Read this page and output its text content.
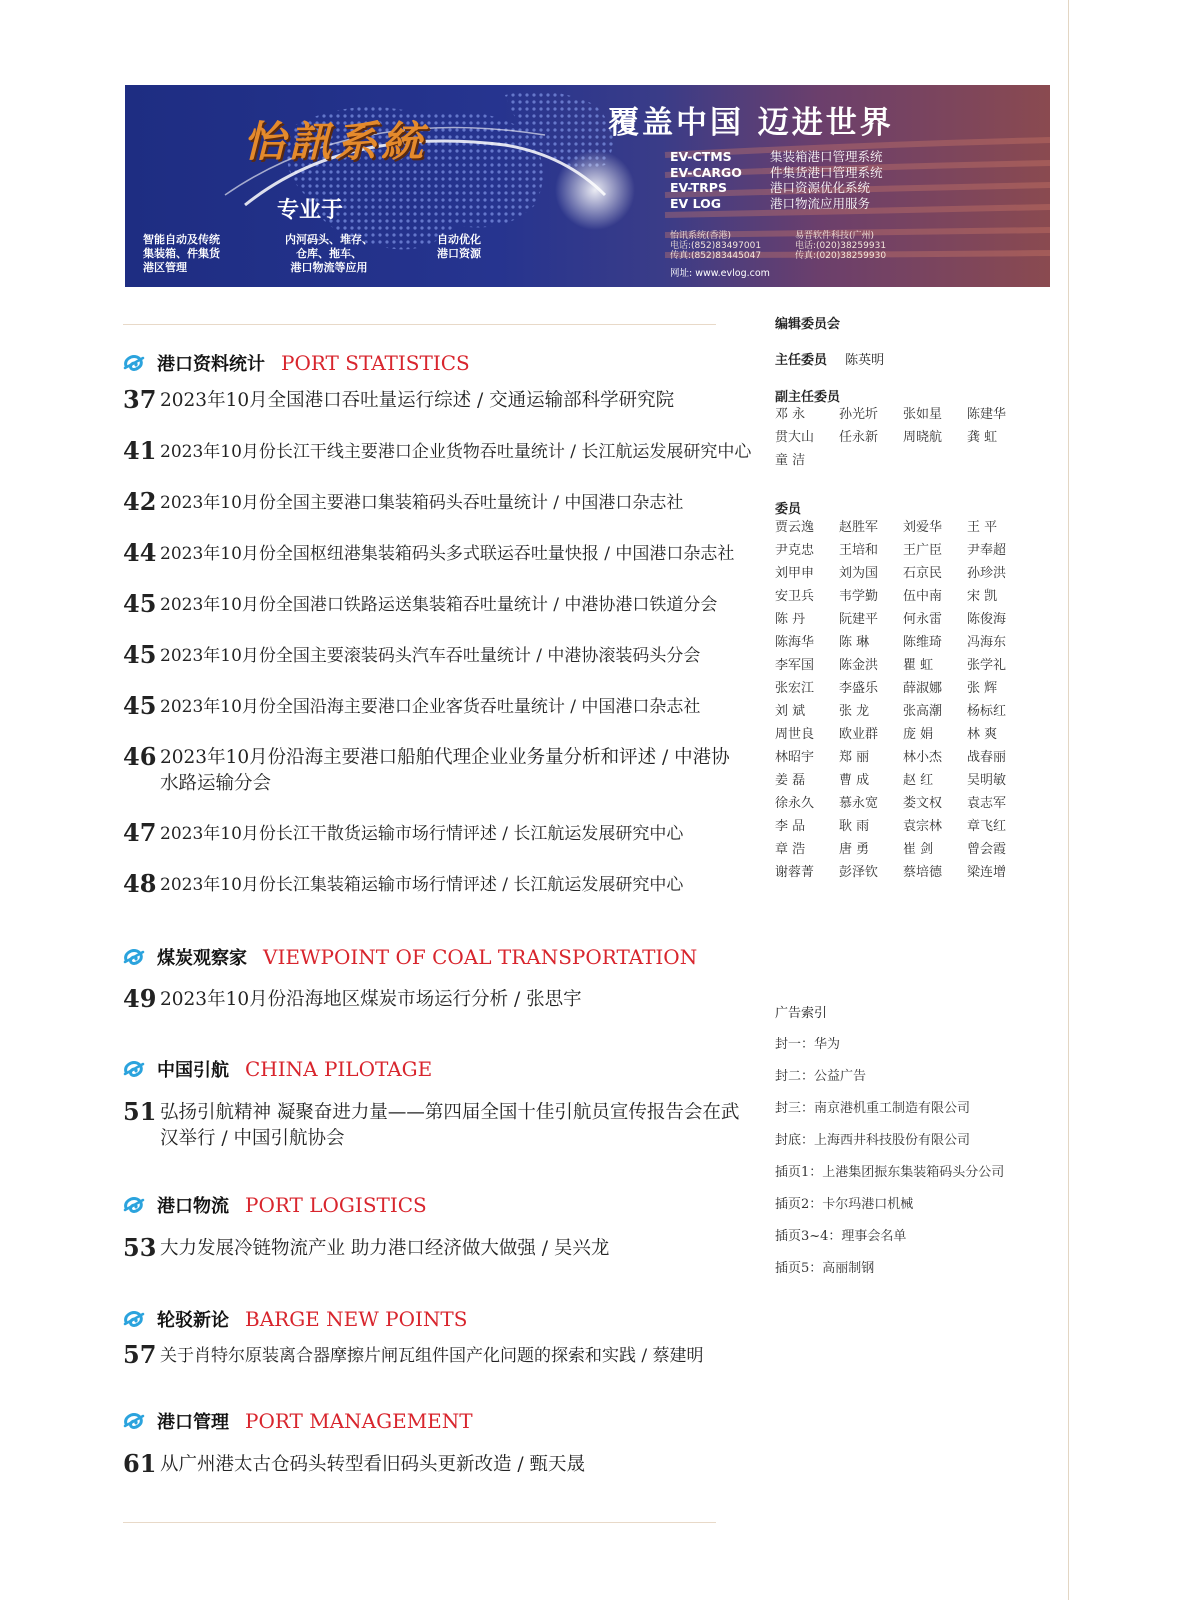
怡訊系統
专业于
覆盖中国 迈进世界
EV-CTMS	集装箱港口管理系统
EV-CARGO	件集货港口管理系统
EV-TRPS	港口资源优化系统
EV LOG	港口物流应用服务
智能自动及传统
集装箱、件集货
港区管理
内河码头、堆存、
仓库、拖车、
港口物流等应用
自动优化
港口资源
怡讯系统(香港)
电话:(852)83497001
传真:(852)83445047
易晋软件科技(广州)
电话:(020)38259931
传真:(020)38259930
网址: www.evlog.com
港口资料统计 PORT STATISTICS
37 2023年10月全国港口吞吐量运行综述 / 交通运输部科学研究院
41 2023年10月份长江干线主要港口企业货物吞吐量统计 / 长江航运发展研究中心
42 2023年10月份全国主要港口集装箱码头吞吐量统计 / 中国港口杂志社
44 2023年10月份全国枢纽港集装箱码头多式联运吞吐量快报 / 中国港口杂志社
45 2023年10月份全国港口铁路运送集装箱吞吐量统计 / 中港协港口铁道分会
45 2023年10月份全国主要滚装码头汽车吞吐量统计 / 中港协滚装码头分会
45 2023年10月份全国沿海主要港口企业客货吞吐量统计 / 中国港口杂志社
46 2023年10月份沿海主要港口船舶代理企业业务量分析和评述 / 中港协水路运输分会
47 2023年10月份长江干散货运输市场行情评述 / 长江航运发展研究中心
48 2023年10月份长江集装箱运输市场行情评述 / 长江航运发展研究中心
煤炭观察家 VIEWPOINT OF COAL TRANSPORTATION
49 2023年10月份沿海地区煤炭市场运行分析 / 张思宇
中国引航 CHINA PILOTAGE
51 弘扬引航精神 凝聚奋进力量——第四届全国十佳引航员宣传报告会在武汉举行 / 中国引航协会
港口物流 PORT LOGISTICS
53 大力发展冷链物流产业 助力港口经济做大做强 / 吴兴龙
轮驳新论 BARGE NEW POINTS
57 关于肖特尔原装离合器摩擦片闸瓦组件国产化问题的探索和实践 / 蔡建明
港口管理 PORT MANAGEMENT
61 从广州港太古仓码头转型看旧码头更新改造 / 甄天晟
编辑委员会
主任委员 陈英明
副主任委员
邓 永	孙光圻	张如星	陈建华
贯大山	任永新	周晓航	龚 虹
童 洁
委员
贾云逸	赵胜军	刘爱华	王 平
尹克忠	王培和	王广臣	尹奉超
刘甲申	刘为国	石京民	孙珍洪
安卫兵	韦学勤	伍中南	宋 凯
陈 丹	阮建平	何永雷	陈俊海
陈海华	陈 琳	陈维琦	冯海东
李军国	陈金洪	瞿 虹	张学礼
张宏江	李盛乐	薛淑娜	张 辉
刘 斌	张 龙	张高潮	杨标红
周世良	欧业群	庞 娟	林 爽
林昭宇	郑 丽	林小杰	战春丽
姜 磊	曹 成	赵 红	吴明敏
徐永久	慕永宽	娄文权	袁志军
李 品	耿 雨	袁宗林	章飞红
章 浩	唐 勇	崔 剑	曾会霞
谢蓉菁	彭泽钦	蔡培德	梁连增
广告索引
封一：华为
封二：公益广告
封三：南京港机重工制造有限公司
封底：上海西井科技股份有限公司
插页1：上港集团振东集装箱码头分公司
插页2：卡尔玛港口机械
插页3~4：理事会名单
插页5：高丽制钢
